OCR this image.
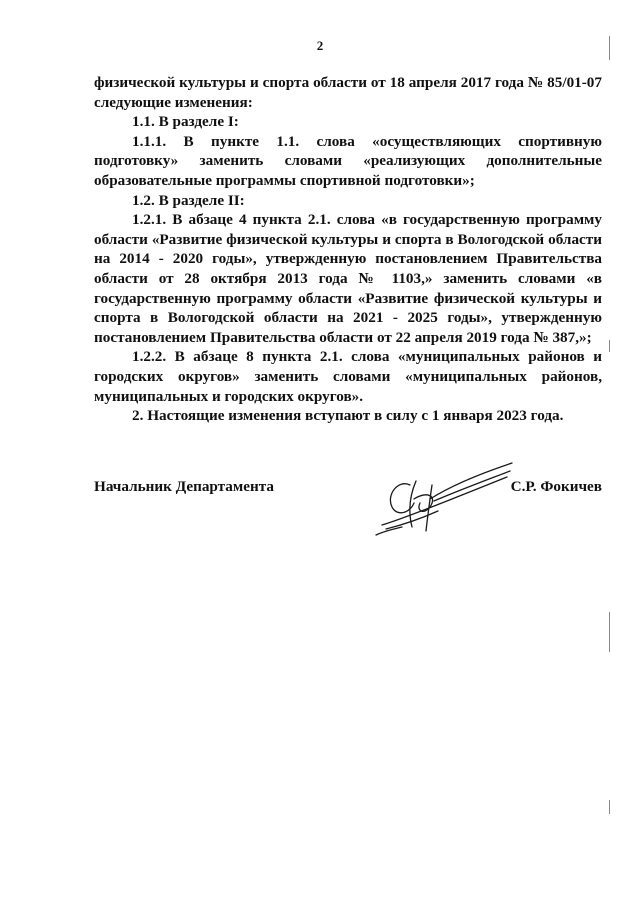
2

физической культуры и спорта области от 18 апреля 2017 года № 85/01-07 следующие изменения:

1.1. В разделе I:

1.1.1. В пункте 1.1. слова «осуществляющих спортивную подготовку» заменить словами «реализующих дополнительные образовательные программы спортивной подготовки»;

1.2. В разделе II:

1.2.1. В абзаце 4 пункта 2.1. слова «в государственную программу области «Развитие физической культуры и спорта в Вологодской области на 2014 - 2020 годы», утвержденную постановлением Правительства области от 28 октября 2013 года № 1103,» заменить словами «в государственную программу области «Развитие физической культуры и спорта в Вологодской области на 2021 - 2025 годы», утвержденную постановлением Правительства области от 22 апреля 2019 года № 387,»;

1.2.2. В абзаце 8 пункта 2.1. слова «муниципальных районов и городских округов» заменить словами «муниципальных районов, муниципальных и городских округов».

2. Настоящие изменения вступают в силу с 1 января 2023 года.

Начальник Департамента	С.Р. Фокичев
